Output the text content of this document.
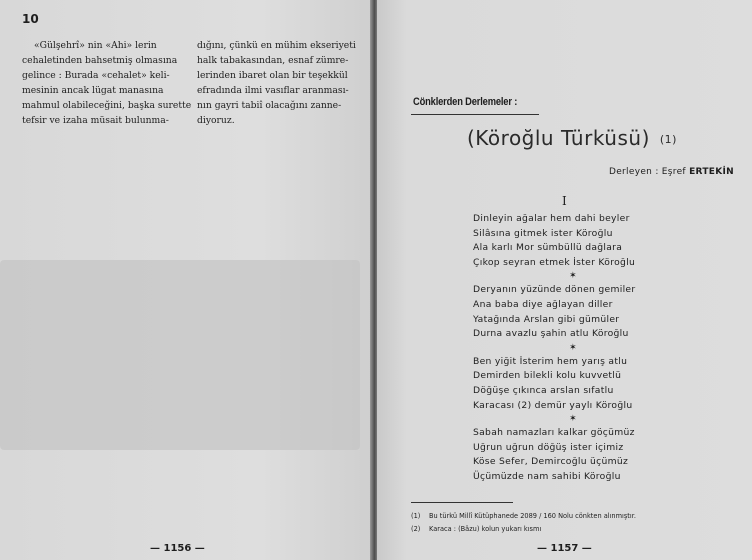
10
«Gülşehrî» nin «Ahi» lerin
cehaletinden bahsetmiş olmasına
gelince : Burada «cehalet» keli-
mesinin ancak lügat manasına
mahmul olabileceğini, başka surette
tefsir ve izaha müsait bulunma-
dığını, çünkü en mühim ekseriyeti
halk tabakasından, esnaf zümre-
lerinden ibaret olan bir teşekkül
efradında ilmi vasıflar aranması-
nın gayri tabiî olacağını zanne-
diyoruz.
— 1156 —
Cönklerden Derlemeler :
(Köroğlu Türküsü) (1)
Derleyen : Eşref ERTEKİN
I
Dinleyin ağalar hem dahi beyler
Silâsına gitmek ister Köroğlu
Ala karlı Mor sümbüllü dağlara
Çıkop seyran etmek İster Köroğlu
✶
Deryanın yüzünde dönen gemiler
Ana baba diye ağlayan diller
Yatağında Arslan gibi gümüler
Durna avazlu şahin atlu Köroğlu
✶
Ben yiğit İsterim hem yarış atlu
Demirden bilekli kolu kuvvetlü
Döğüşe çıkınca arslan sıfatlu
Karacası (2) demür yaylı Köroğlu
✶
Sabah namazları kalkar göçümüz
Uğrun uğrun döğüş ister içimiz
Köse Sefer, Demircoğlu üçümüz
Üçümüzde nam sahibi Köroğlu
(1) Bu türkü Millî Kütüphanede 2089 / 160 Nolu cönkten alınmıştır.
(2) Karaca : (Bâzu) kolun yukarı kısmı
— 1157 —
